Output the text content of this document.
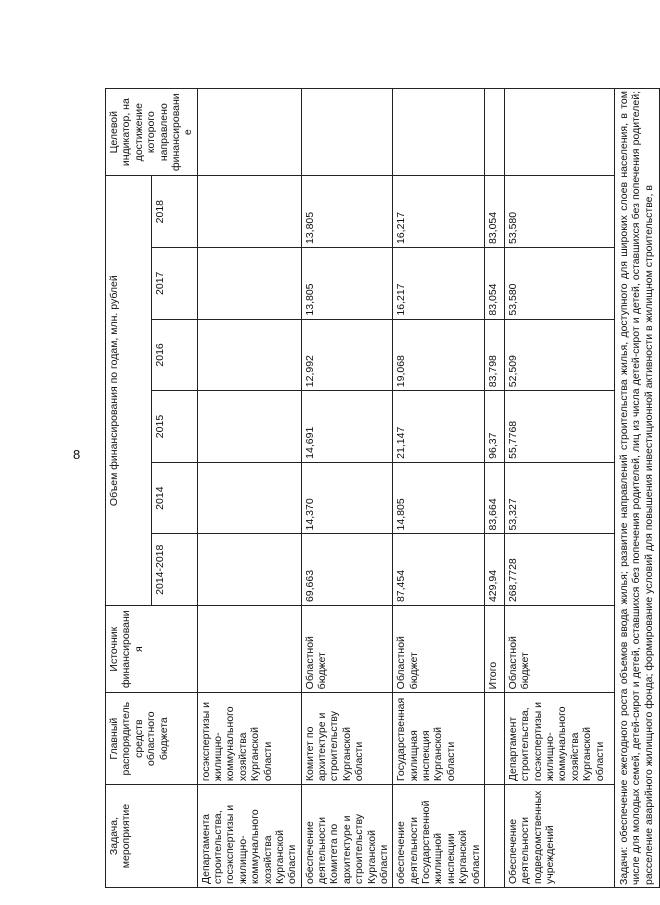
8
Задача, мероприятие	Главный распорядитель средств областного бюджета	Источник финансирования	Объем финансирования по годам, млн. рублей						Целевой индикатор, на достижение которого направлено финансирование
			2014-2018	2014	2015	2016	2017	2018	
Департамента строительства, госэкспертизы и жилищно-коммунального хозяйства Курганской области	госэкспертизы и жилищно-коммунального хозяйства Курганской области								
обеспечение деятельности Комитета по архитектуре и строительству Курганской области	Комитет по архитектуре и строительству Курганской области	Областной бюджет	69,663	14,370	14,691	12,992	13,805	13,805	
обеспечение деятельности Государственной жилищной инспекции Курганской области	Государственная жилищная инспекция Курганской области	Областной бюджет	87,454	14,805	21,147	19,068	16,217	16,217	
		Итого	429,94	83,664	96,37	83,798	83,054	83,054	
Обеспечение деятельности подведомственных учреждений	Департамент строительства, госэкспертизы и жилищно-коммунального хозяйства Курганской области	Областной бюджет	268,7728	53,327	55,7768	52,509	53,580	53,580		Задачи: обеспечение ежегодного роста объемов ввода жилья; развитие направлений строительства жилья, доступного для широких слоев населения, в том числе для молодых семей, детей-сирот и детей, оставшихся без попечения родителей, лиц из числа детей-сирот и детей, оставшихся без попечения родителей; расселение аварийного жилищного фонда; формирование условий для повышения инвестиционной активности в жилищном строительстве, в
